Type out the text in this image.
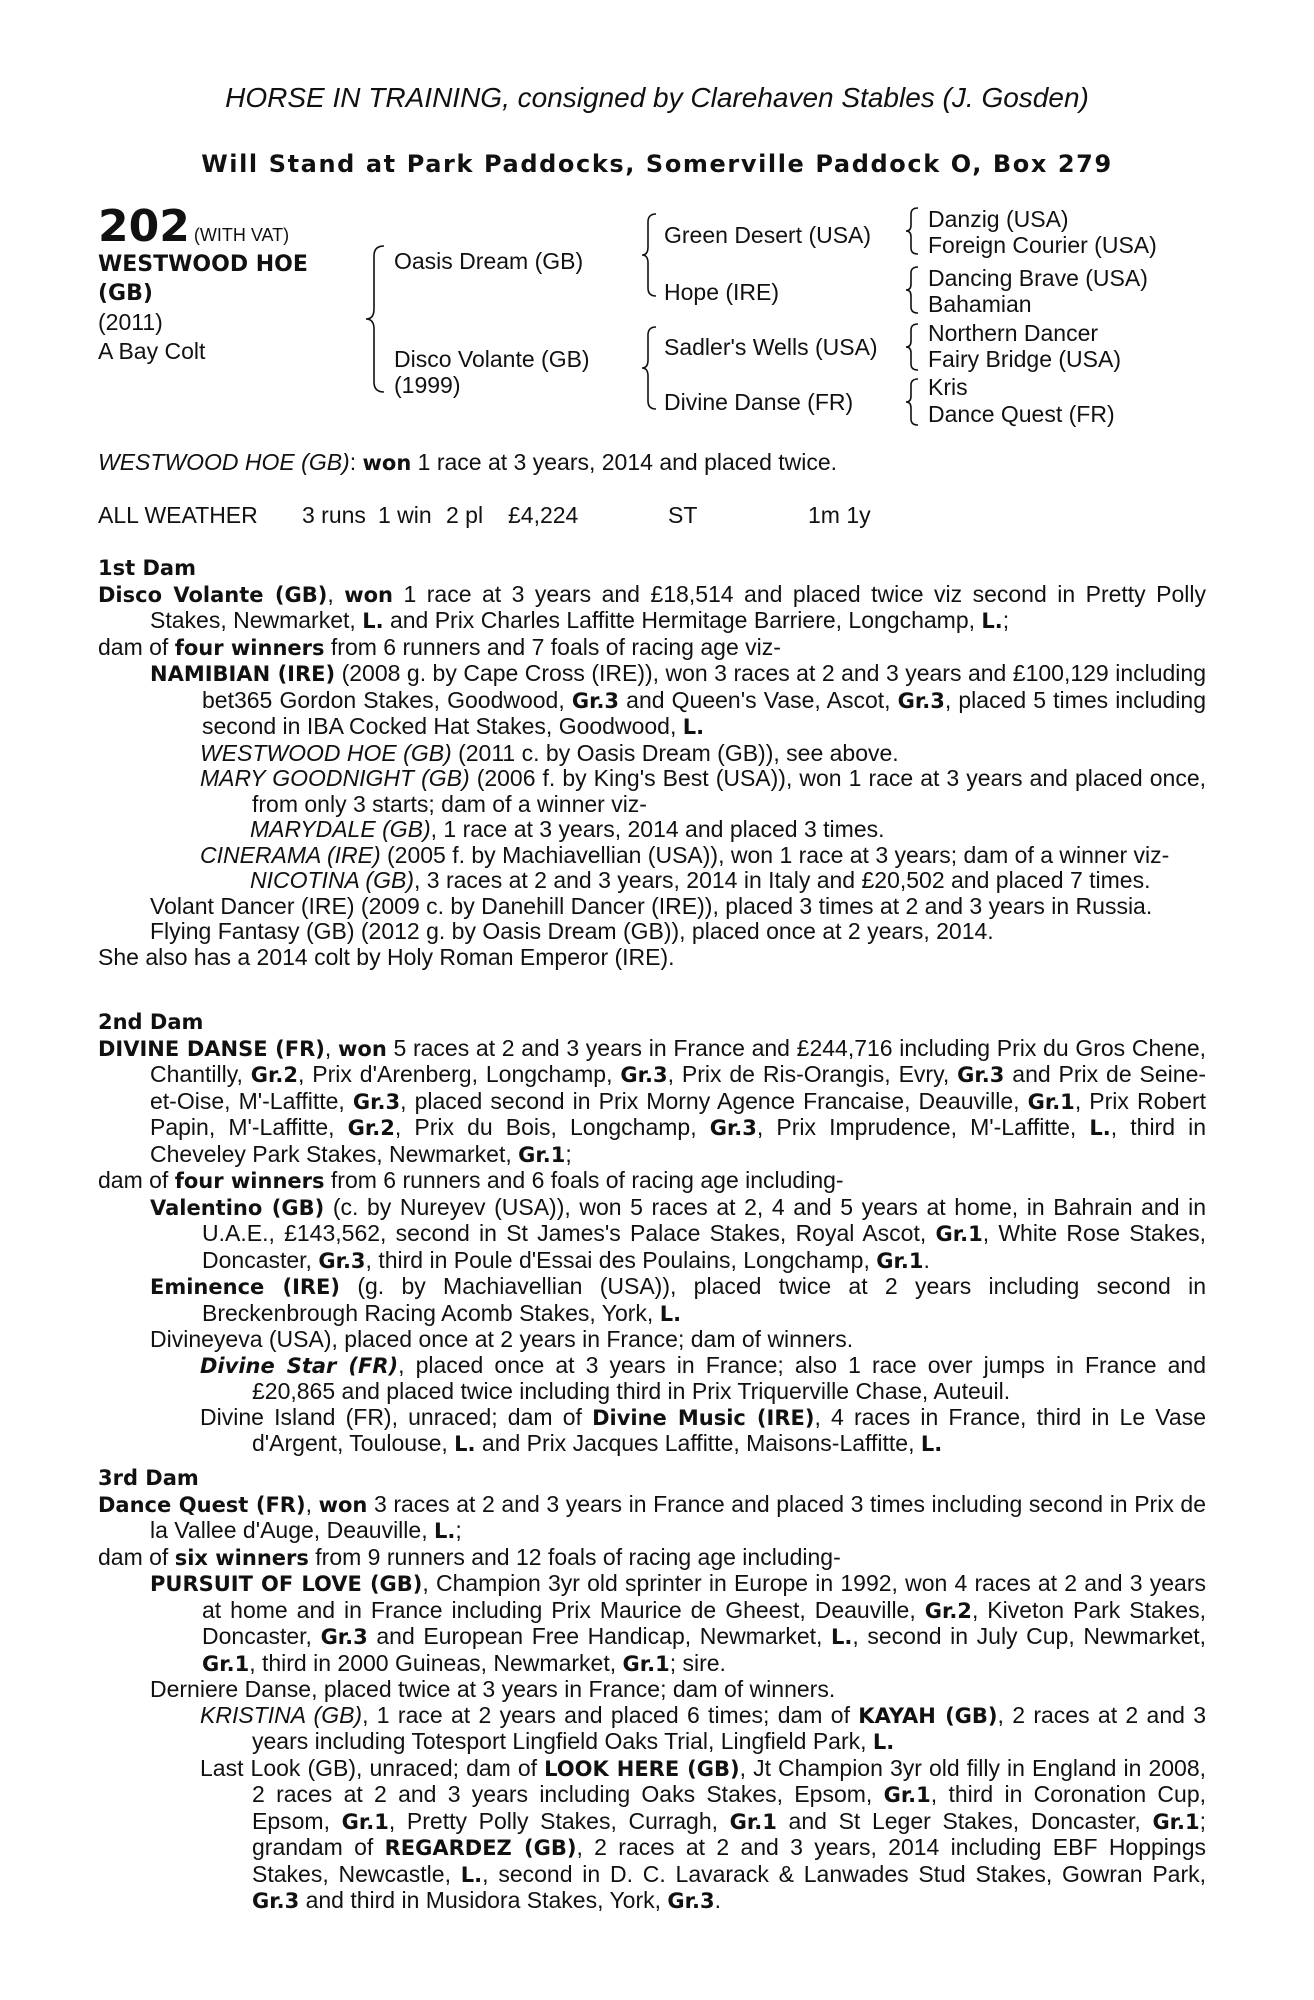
HORSE IN TRAINING, consigned by Clarehaven Stables (J. Gosden)
Will Stand at Park Paddocks, Somerville Paddock O, Box 279
202 (WITH VAT)
WESTWOOD HOE
(GB)
(2011)
A Bay Colt
Oasis Dream (GB)
Disco Volante (GB)
(1999)
Green Desert (USA)
Hope (IRE)
Sadler's Wells (USA)
Divine Danse (FR)
Danzig (USA)
Foreign Courier (USA)
Dancing Brave (USA)
Bahamian
Northern Dancer
Fairy Bridge (USA)
Kris
Dance Quest (FR)
WESTWOOD HOE (GB): won 1 race at 3 years, 2014 and placed twice.
ALL WEATHER 3 runs 1 win 2 pl £4,224	ST	1m 1y
1st Dam

Disco Volante (GB), won 1 race at 3 years and £18,514 and placed twice viz second in Pretty Polly Stakes, Newmarket, L. and Prix Charles Laffitte Hermitage Barriere, Longchamp, L.;

dam of four winners from 6 runners and 7 foals of racing age viz-

NAMIBIAN (IRE) (2008 g. by Cape Cross (IRE)), won 3 races at 2 and 3 years and £100,129 including bet365 Gordon Stakes, Goodwood, Gr.3 and Queen's Vase, Ascot, Gr.3, placed 5 times including second in IBA Cocked Hat Stakes, Goodwood, L.

WESTWOOD HOE (GB) (2011 c. by Oasis Dream (GB)), see above.

MARY GOODNIGHT (GB) (2006 f. by King's Best (USA)), won 1 race at 3 years and placed once, from only 3 starts; dam of a winner viz-

MARYDALE (GB), 1 race at 3 years, 2014 and placed 3 times.

CINERAMA (IRE) (2005 f. by Machiavellian (USA)), won 1 race at 3 years; dam of a winner viz-

NICOTINA (GB), 3 races at 2 and 3 years, 2014 in Italy and £20,502 and placed 7 times.

Volant Dancer (IRE) (2009 c. by Danehill Dancer (IRE)), placed 3 times at 2 and 3 years in Russia.

Flying Fantasy (GB) (2012 g. by Oasis Dream (GB)), placed once at 2 years, 2014.

She also has a 2014 colt by Holy Roman Emperor (IRE).

2nd Dam

DIVINE DANSE (FR), won 5 races at 2 and 3 years in France and £244,716 including Prix du Gros Chene, Chantilly, Gr.2, Prix d'Arenberg, Longchamp, Gr.3, Prix de Ris-Orangis, Evry, Gr.3 and Prix de Seine-et-Oise, M'-Laffitte, Gr.3, placed second in Prix Morny Agence Francaise, Deauville, Gr.1, Prix Robert Papin, M'-Laffitte, Gr.2, Prix du Bois, Longchamp, Gr.3, Prix Imprudence, M'-Laffitte, L., third in Cheveley Park Stakes, Newmarket, Gr.1;

dam of four winners from 6 runners and 6 foals of racing age including-

Valentino (GB) (c. by Nureyev (USA)), won 5 races at 2, 4 and 5 years at home, in Bahrain and in U.A.E., £143,562, second in St James's Palace Stakes, Royal Ascot, Gr.1, White Rose Stakes, Doncaster, Gr.3, third in Poule d'Essai des Poulains, Longchamp, Gr.1.

Eminence (IRE) (g. by Machiavellian (USA)), placed twice at 2 years including second in Breckenbrough Racing Acomb Stakes, York, L.

Divineyeva (USA), placed once at 2 years in France; dam of winners.

Divine Star (FR), placed once at 3 years in France; also 1 race over jumps in France and £20,865 and placed twice including third in Prix Triquerville Chase, Auteuil.

Divine Island (FR), unraced; dam of Divine Music (IRE), 4 races in France, third in Le Vase d'Argent, Toulouse, L. and Prix Jacques Laffitte, Maisons-Laffitte, L.

3rd Dam

Dance Quest (FR), won 3 races at 2 and 3 years in France and placed 3 times including second in Prix de la Vallee d'Auge, Deauville, L.;

dam of six winners from 9 runners and 12 foals of racing age including-

PURSUIT OF LOVE (GB), Champion 3yr old sprinter in Europe in 1992, won 4 races at 2 and 3 years at home and in France including Prix Maurice de Gheest, Deauville, Gr.2, Kiveton Park Stakes, Doncaster, Gr.3 and European Free Handicap, Newmarket, L., second in July Cup, Newmarket, Gr.1, third in 2000 Guineas, Newmarket, Gr.1; sire.

Derniere Danse, placed twice at 3 years in France; dam of winners.

KRISTINA (GB), 1 race at 2 years and placed 6 times; dam of KAYAH (GB), 2 races at 2 and 3 years including Totesport Lingfield Oaks Trial, Lingfield Park, L.

Last Look (GB), unraced; dam of LOOK HERE (GB), Jt Champion 3yr old filly in England in 2008, 2 races at 2 and 3 years including Oaks Stakes, Epsom, Gr.1, third in Coronation Cup, Epsom, Gr.1, Pretty Polly Stakes, Curragh, Gr.1 and St Leger Stakes, Doncaster, Gr.1; grandam of REGARDEZ (GB), 2 races at 2 and 3 years, 2014 including EBF Hoppings Stakes, Newcastle, L., second in D. C. Lavarack & Lanwades Stud Stakes, Gowran Park, Gr.3 and third in Musidora Stakes, York, Gr.3.
